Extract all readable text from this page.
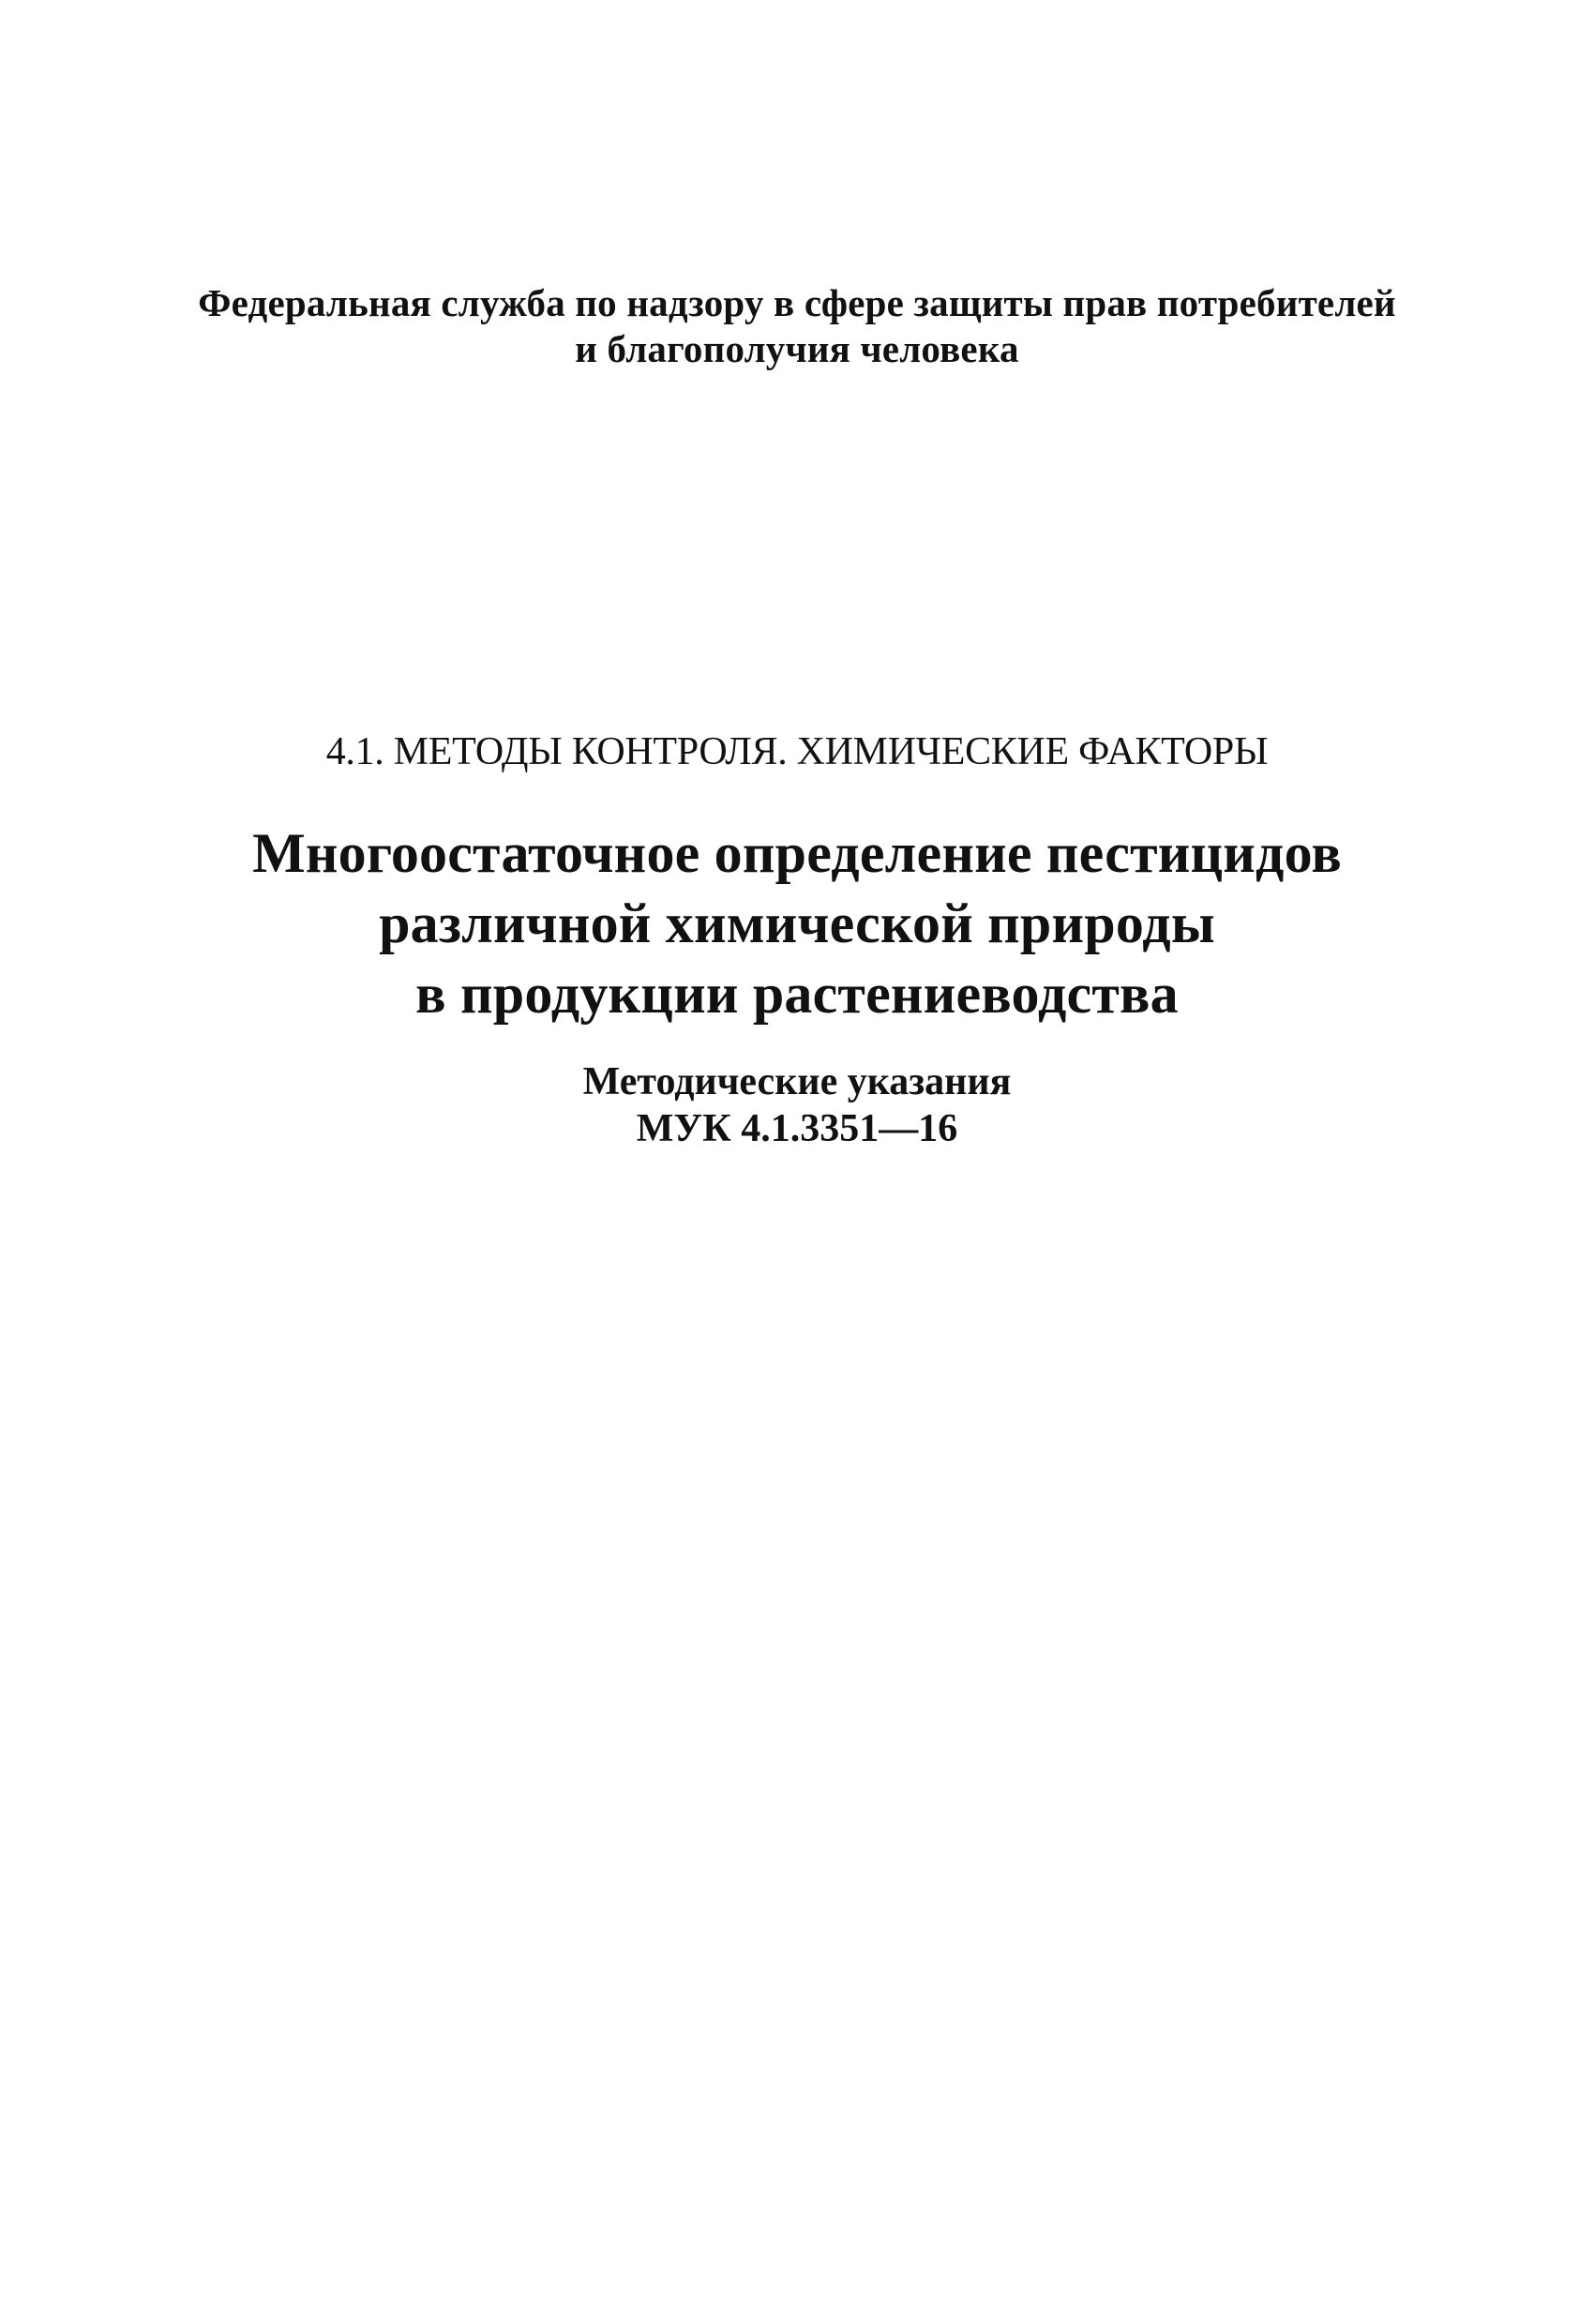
Федеральная служба по надзору в сфере защиты прав потребителей
и благополучия человека
4.1. МЕТОДЫ КОНТРОЛЯ. ХИМИЧЕСКИЕ ФАКТОРЫ
Многоостаточное определение пестицидов
различной химической природы
в продукции растениеводства
Методические указания
МУК 4.1.3351—16
